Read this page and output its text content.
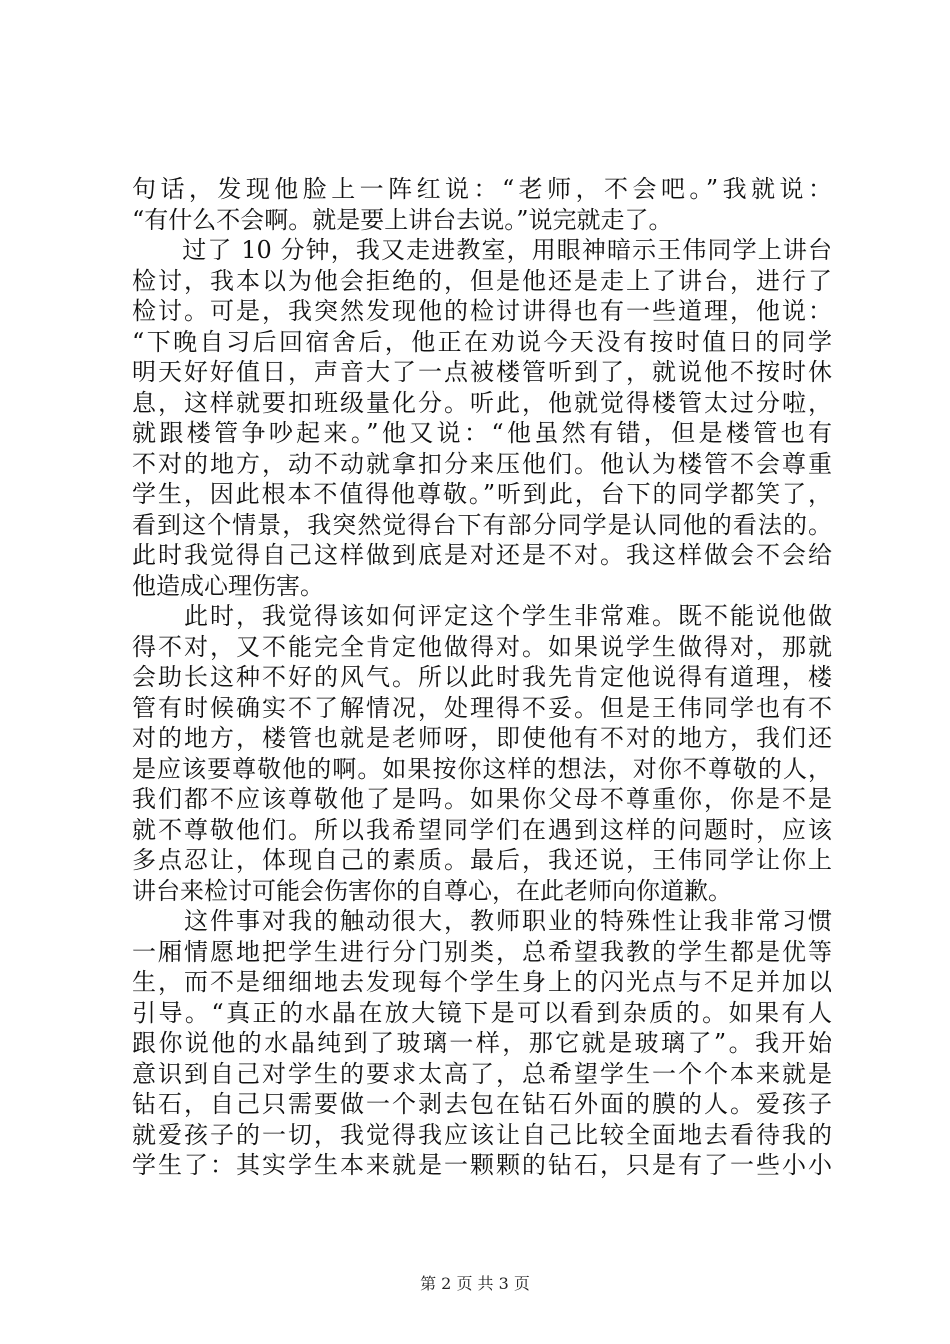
句话，发现他脸上一阵红说：“老师，不会吧。”我就说：
“有什么不会啊。就是要上讲台去说。”说完就走了。
　　过了 10 分钟，我又走进教室，用眼神暗示王伟同学上讲台
检讨，我本以为他会拒绝的，但是他还是走上了讲台，进行了
检讨。可是，我突然发现他的检讨讲得也有一些道理，他说：
“下晚自习后回宿舍后，他正在劝说今天没有按时值日的同学
明天好好值日，声音大了一点被楼管听到了，就说他不按时休
息，这样就要扣班级量化分。听此，他就觉得楼管太过分啦，
就跟楼管争吵起来。”他又说：“他虽然有错，但是楼管也有
不对的地方，动不动就拿扣分来压他们。他认为楼管不会尊重
学生，因此根本不值得他尊敬。”听到此，台下的同学都笑了，
看到这个情景，我突然觉得台下有部分同学是认同他的看法的。
此时我觉得自己这样做到底是对还是不对。我这样做会不会给
他造成心理伤害。
　　此时，我觉得该如何评定这个学生非常难。既不能说他做
得不对，又不能完全肯定他做得对。如果说学生做得对，那就
会助长这种不好的风气。所以此时我先肯定他说得有道理，楼
管有时候确实不了解情况，处理得不妥。但是王伟同学也有不
对的地方，楼管也就是老师呀，即使他有不对的地方，我们还
是应该要尊敬他的啊。如果按你这样的想法，对你不尊敬的人，
我们都不应该尊敬他了是吗。如果你父母不尊重你，你是不是
就不尊敬他们。所以我希望同学们在遇到这样的问题时，应该
多点忍让，体现自己的素质。最后，我还说，王伟同学让你上
讲台来检讨可能会伤害你的自尊心，在此老师向你道歉。
　　这件事对我的触动很大，教师职业的特殊性让我非常习惯
一厢情愿地把学生进行分门别类，总希望我教的学生都是优等
生，而不是细细地去发现每个学生身上的闪光点与不足并加以
引导。“真正的水晶在放大镜下是可以看到杂质的。如果有人
跟你说他的水晶纯到了玻璃一样，那它就是玻璃了”。我开始
意识到自己对学生的要求太高了，总希望学生一个个本来就是
钻石，自己只需要做一个剥去包在钻石外面的膜的人。爱孩子
就爱孩子的一切，我觉得我应该让自己比较全面地去看待我的
学生了：其实学生本来就是一颗颗的钻石，只是有了一些小小
第 2 页 共 3 页
